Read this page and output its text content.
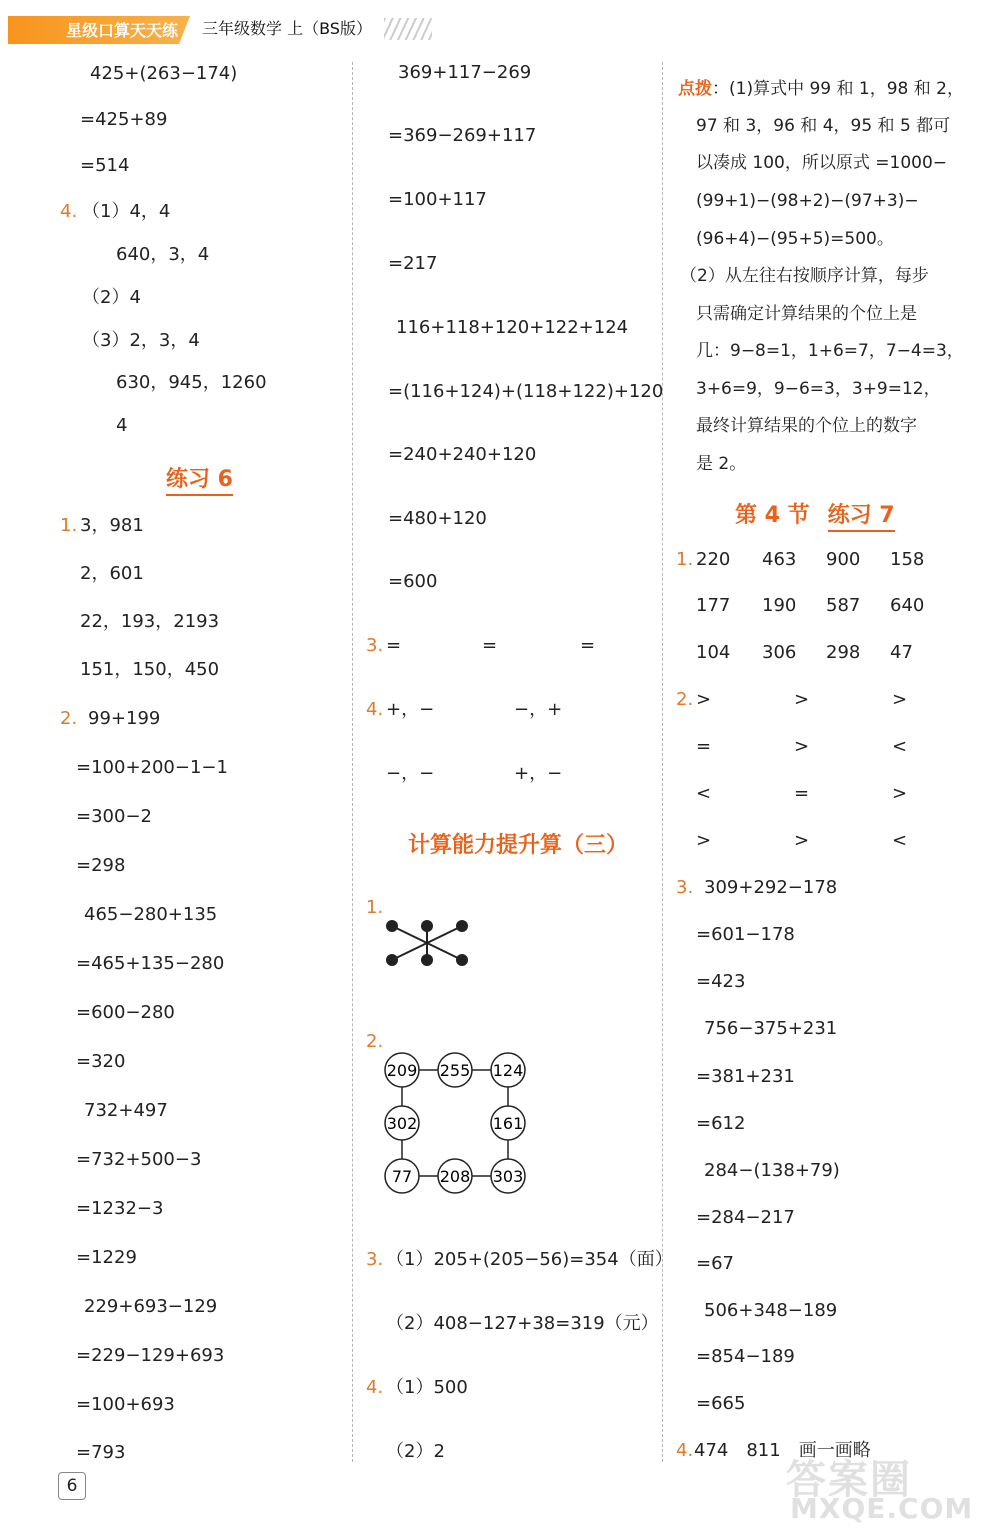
星级口算天天练 三年级数学 上（BS版）
425+(263−174)
=425+89
=514
4. （1）4，4
640，3，4
（2）4
（3）2，3，4
630，945，1260
4
练习 6
1. 3，981
2，601
22，193，2193
151，150，450
2. 99+199
=100+200−1−1
=300−2
=298
465−280+135
=465+135−280
=600−280
=320
732+497
=732+500−3
=1232−3
=1229
229+693−129
=229−129+693
=100+693
=793
369+117−269
=369−269+117
=100+117
=217
116+118+120+122+124
=(116+124)+(118+122)+120
=240+240+120
=480+120
=600
3. =	=	=
4. +，−	−，+
−，−	+，−
计算能力提升算（三）
1.
2.
209 255 124
302	161
77 208 303
3. （1）205+(205−56)=354（面）
（2）408−127+38=319（元）
4. （1）500
（2）2
点拨：(1)算式中 99 和 1，98 和 2，
97 和 3，96 和 4，95 和 5 都可
以凑成 100，所以原式 =1000−
(99+1)−(98+2)−(97+3)−
(96+4)−(95+5)=500。
（2）从左往右按顺序计算，每步
只需确定计算结果的个位上是
几：9−8=1，1+6=7，7−4=3，
3+6=9，9−6=3，3+9=12，
最终计算结果的个位上的数字
是 2。
第 4 节 练习 7
1. 220 463 900 158
177 190 587 640
104 306 298 47
2. >	>	>
=	>	<
<	=	>
>	>	<
3. 309+292−178
=601−178
=423
756−375+231
=381+231
=612
284−(138+79)
=284−217
=67
506+348−189
=854−189
=665
4. 474　811　画一画略
6	答案圈
MXQE.COM
